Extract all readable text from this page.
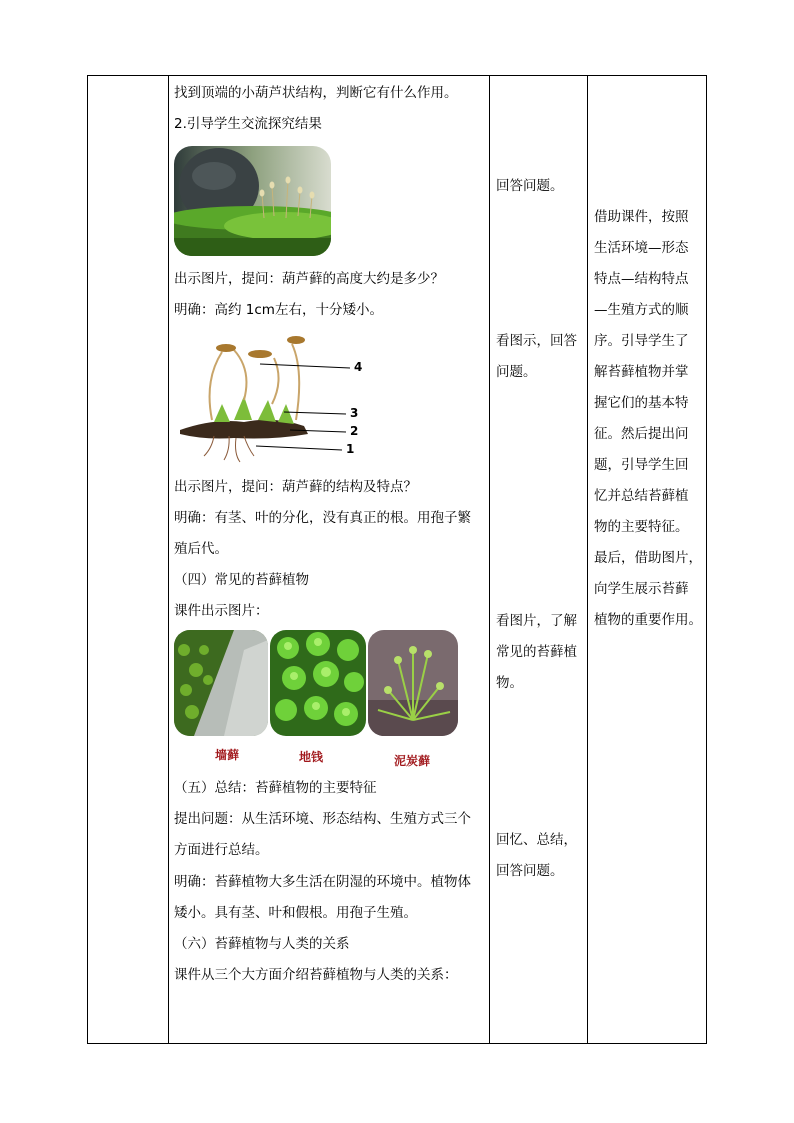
找到顶端的小葫芦状结构，判断它有什么作用。

2.引导学生交流探究结果

出示图片，提问：葫芦藓的高度大约是多少？

明确：高约 1cm左右，十分矮小。

4
3
2
1

出示图片，提问：葫芦藓的结构及特点？

明确：有茎、叶的分化，没有真正的根。用孢子繁

殖后代。

（四）常见的苔藓植物

课件出示图片：

墙藓	地钱	泥炭藓

（五）总结：苔藓植物的主要特征

提出问题：从生活环境、形态结构、生殖方式三个

方面进行总结。

明确：苔藓植物大多生活在阴湿的环境中。植物体

矮小。具有茎、叶和假根。用孢子生殖。

（六）苔藓植物与人类的关系

课件从三个大方面介绍苔藓植物与人类的关系：

回答问题。

看图示，回答

问题。

看图片，了解

常见的苔藓植

物。

回忆、总结，

回答问题。

借助课件，按照

生活环境—形态

特点—结构特点

—生殖方式的顺

序。引导学生了

解苔藓植物并掌

握它们的基本特

征。然后提出问

题，引导学生回

忆并总结苔藓植

物的主要特征。

最后，借助图片，

向学生展示苔藓

植物的重要作用。
